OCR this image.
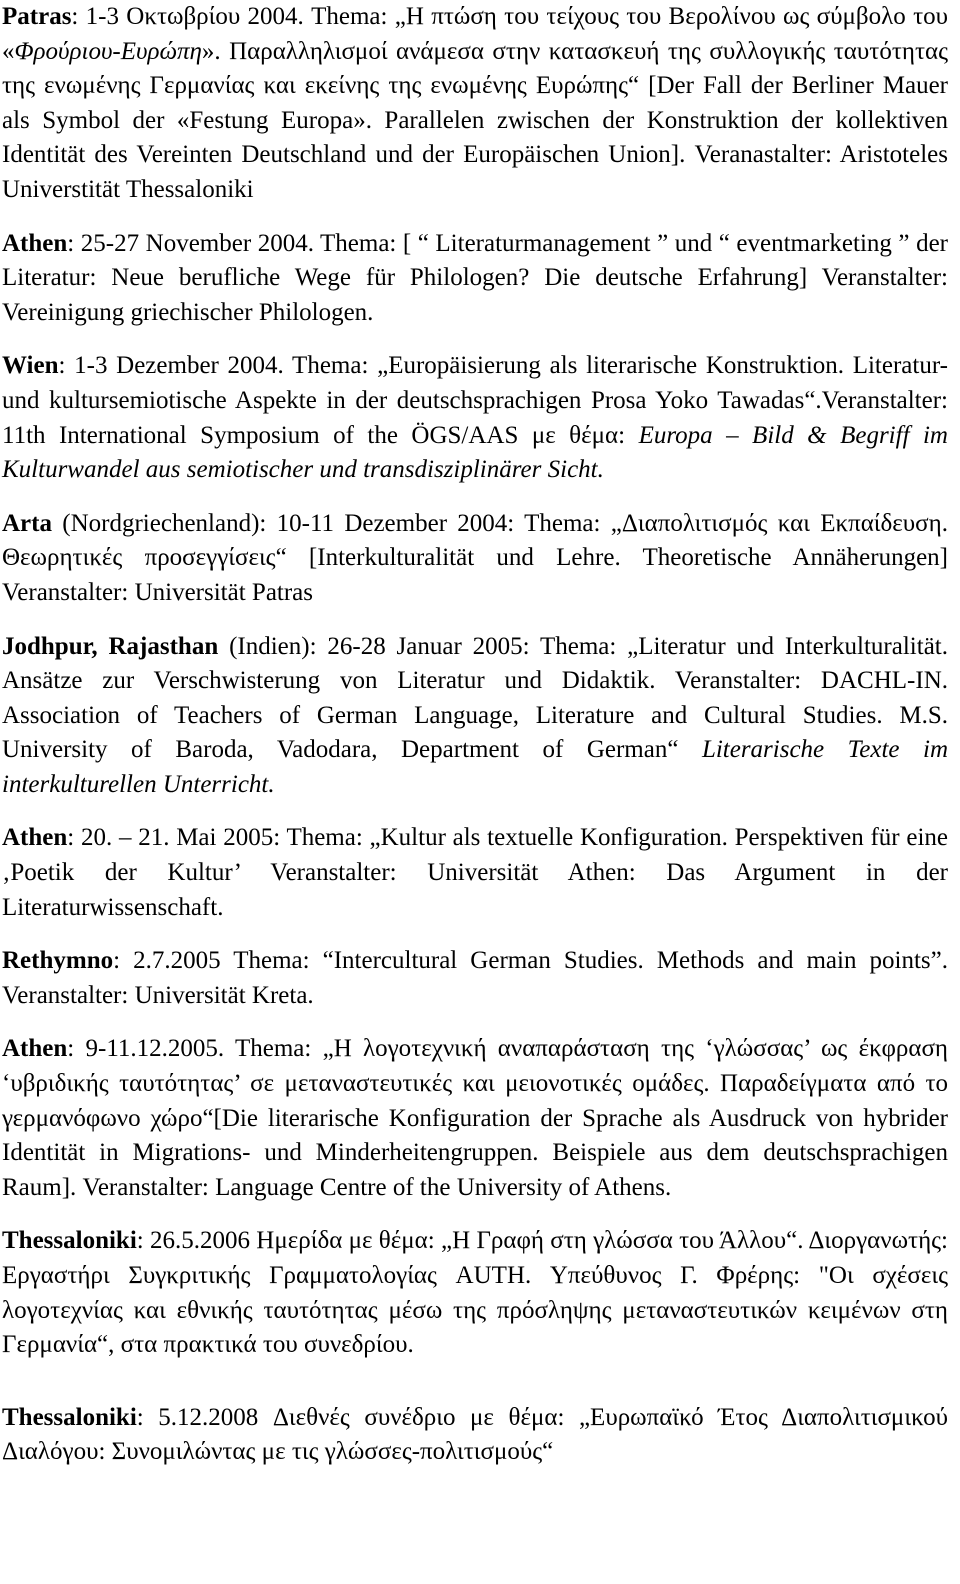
Patras: 1-3 Οκτωβρίου 2004. Thema: „Η πτώση του τείχους του Βερολίνου ως σύμβολο του «Φρούριου-Ευρώπη». Παραλληλισμοί ανάμεσα στην κατασκευή της συλλογικής ταυτότητας της ενωμένης Γερμανίας και εκείνης της ενωμένης Ευρώπης“ [Der Fall der Berliner Mauer als Symbol der «Festung Europa». Parallelen zwischen der Konstruktion der kollektiven Identität des Vereinten Deutschland und der Europäischen Union]. Veranastalter: Aristoteles Universtität Thessaloniki

Athen: 25-27 November 2004. Thema: [ “ Literaturmanagement ” und “ eventmarketing ” der Literatur: Neue berufliche Wege für Philologen? Die deutsche Erfahrung] Veranstalter: Vereinigung griechischer Philologen.

Wien: 1-3 Dezember 2004. Thema: „Europäisierung als literarische Konstruktion. Literatur- und kultursemiotische Aspekte in der deutschsprachigen Prosa Yoko Tawadas“.Veranstalter: 11th International Symposium of the ÖGS/AAS με θέμα: Europa – Bild & Begriff im Kulturwandel aus semiotischer und transdisziplinärer Sicht.

Arta (Nordgriechenland): 10-11 Dezember 2004: Thema: „Διαπολιτισμός και Εκπαίδευση. Θεωρητικές προσεγγίσεις“ [Interkulturalität und Lehre. Theoretische Annäherungen] Veranstalter: Universität Patras

Jodhpur, Rajasthan (Indien): 26-28 Januar 2005: Thema: „Literatur und Interkulturalität. Ansätze zur Verschwisterung von Literatur und Didaktik. Veranstalter: DACHL-IN. Association of Teachers of German Language, Literature and Cultural Studies. M.S. University of Baroda, Vadodara, Department of German“ Literarische Texte im interkulturellen Unterricht.

Athen: 20. – 21. Mai 2005: Thema: „Kultur als textuelle Konfiguration. Perspektiven für eine ‚Poetik der Kultur’ Veranstalter: Universität Athen: Das Argument in der Literaturwissenschaft.

Rethymno: 2.7.2005 Thema: “Intercultural German Studies. Methods and main points”. Veranstalter: Universität Kreta.

Athen: 9-11.12.2005. Thema: „Η λογοτεχνική αναπαράσταση της ‘γλώσσας’ ως έκφραση ‘υβριδικής ταυτότητας’ σε μεταναστευτικές και μειονοτικές ομάδες. Παραδείγματα από το γερμανόφωνο χώρο“[Die literarische Konfiguration der Sprache als Ausdruck von hybrider Identität in Migrations- und Minderheitengruppen. Beispiele aus dem deutschsprachigen Raum]. Veranstalter: Language Centre of the University of Athens.

Thessaloniki: 26.5.2006 Ημερίδα με θέμα: „Η Γραφή στη γλώσσα του Άλλου“. Διοργανωτής: Εργαστήρι Συγκριτικής Γραμματολογίας AUTH. Υπεύθυνος Γ. Φρέρης: "Οι σχέσεις λογοτεχνίας και εθνικής ταυτότητας μέσω της πρόσληψης μεταναστευτικών κειμένων στη Γερμανία“, στα πρακτικά του συνεδρίου.

Thessaloniki: 5.12.2008 Διεθνές συνέδριο με θέμα: „Ευρωπαϊκό Έτος Διαπολιτισμικού Διαλόγου: Συνομιλώντας με τις γλώσσες-πολιτισμούς“
